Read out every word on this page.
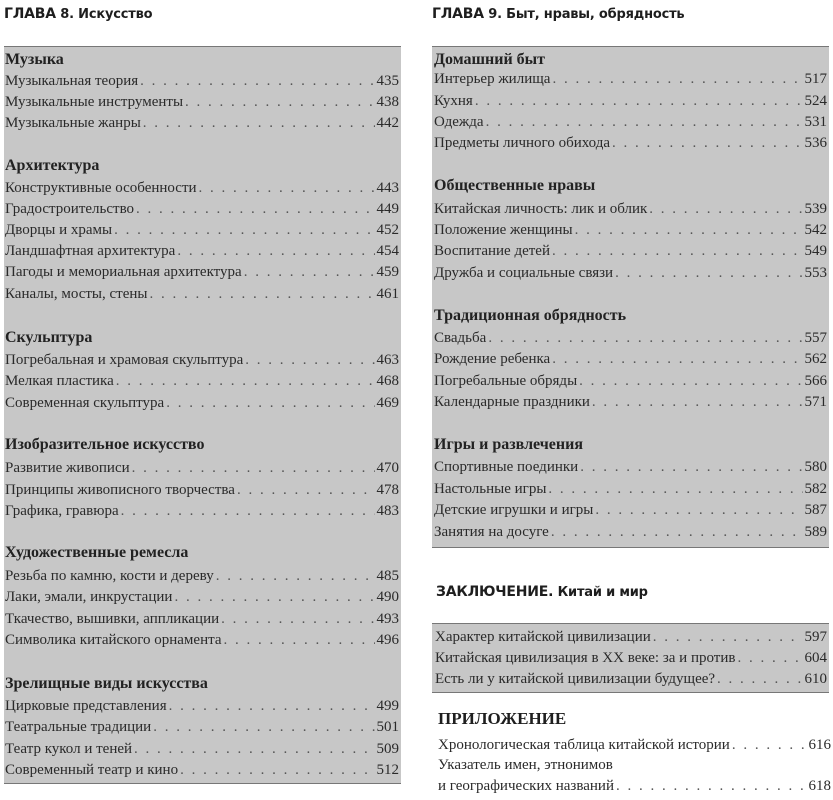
ГЛАВА 8. Искусство
Музыка
Музыкальная теория . . .	435
Музыкальные инструменты . . .	438
Музыкальные жанры . . .	442
Архитектура
Конструктивные особенности . . .	443
Градостроительство . . .	449
Дворцы и храмы . . .	452
Ландшафтная архитектура . . .	454
Пагоды и мемориальная архитектура . . .	459
Каналы, мосты, стены . . .	461
Скульптура
Погребальная и храмовая скульптура . . .	463
Мелкая пластика . . .	468
Современная скульптура . . .	469
Изобразительное искусство
Развитие живописи . . .	470
Принципы живописного творчества . . .	478
Графика, гравюра . . .	483
Художественные ремесла
Резьба по камню, кости и дереву . . .	485
Лаки, эмали, инкрустации . . .	490
Ткачество, вышивки, аппликации . . .	493
Символика китайского орнамента . . .	496
Зрелищные виды искусства
Цирковые представления . . .	499
Театральные традиции . . .	501
Театр кукол и теней . . .	509
Современный театр и кино . . .	512
ГЛАВА 9. Быт, нравы, обрядность
Домашний быт
Интерьер жилища . . .	517
Кухня . . .	524
Одежда . . .	531
Предметы личного обихода . . .	536
Общественные нравы
Китайская личность: лик и облик . . .	539
Положение женщины . . .	542
Воспитание детей . . .	549
Дружба и социальные связи . . .	553
Традиционная обрядность
Свадьба . . .	557
Рождение ребенка . . .	562
Погребальные обряды . . .	566
Календарные праздники . . .	571
Игры и развлечения
Спортивные поединки . . .	580
Настольные игры . . .	582
Детские игрушки и игры . . .	587
Занятия на досуге . . .	589
ЗАКЛЮЧЕНИЕ. Китай и мир
Характер китайской цивилизации . . .	597
Китайская цивилизация в XX веке: за и против . . .	604
Есть ли у китайской цивилизации будущее? . . .	610
ПРИЛОЖЕНИЕ
Хронологическая таблица китайской истории . . .	616
Указатель имен, этнонимов
и географических названий . . .	618
